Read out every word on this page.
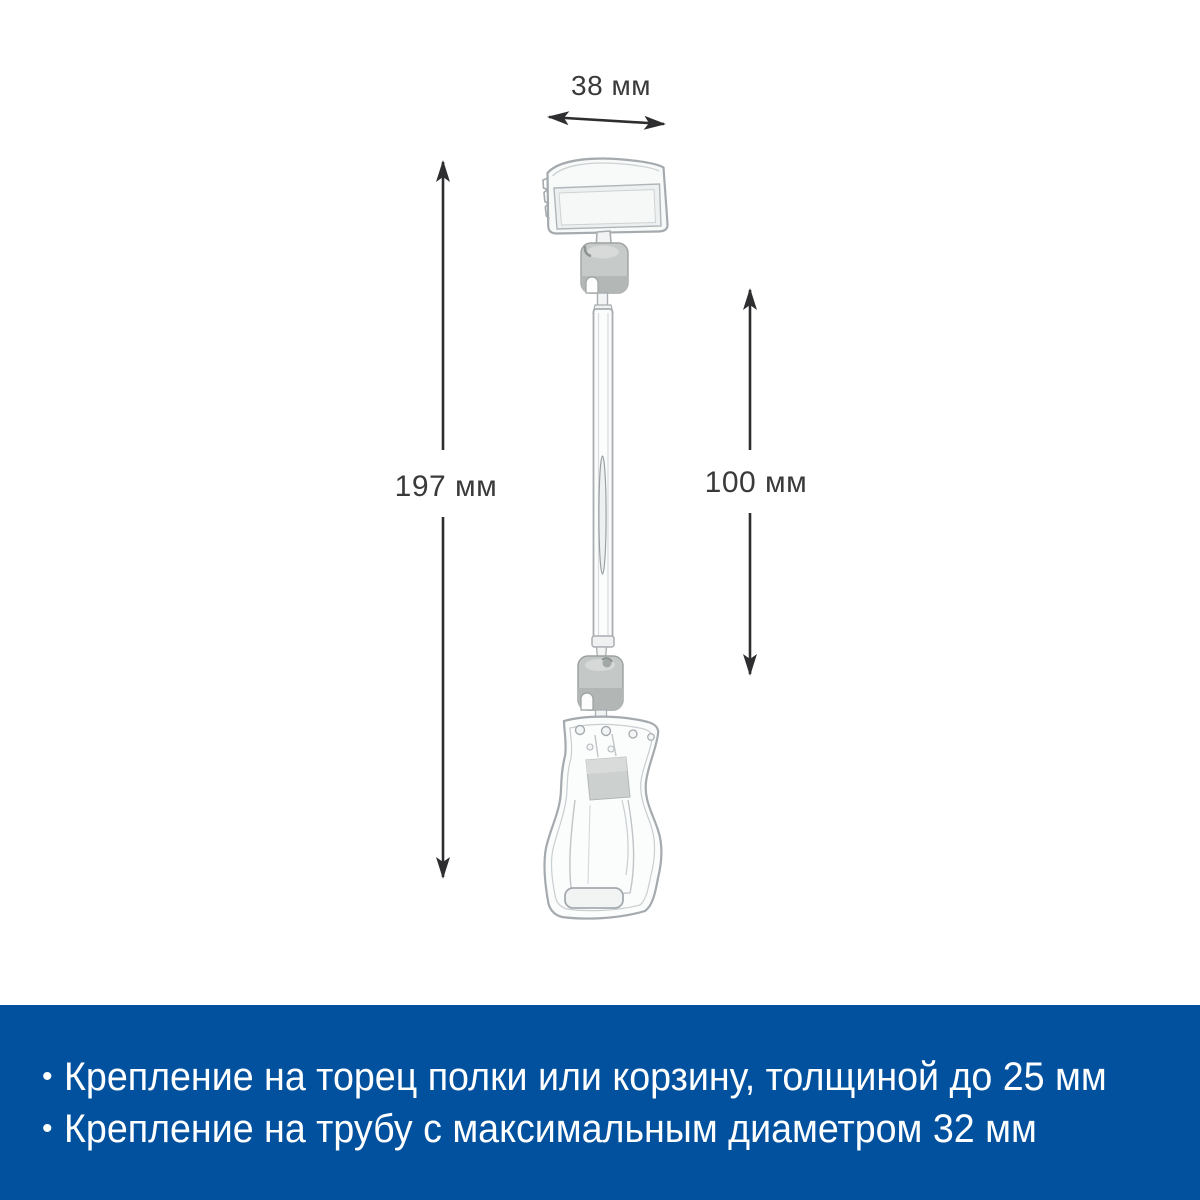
38 мм
197 мм	100 мм
• Крепление на торец полки или корзину, толщиной до 25 мм
• Крепление на трубу с максимальным диаметром 32 мм
